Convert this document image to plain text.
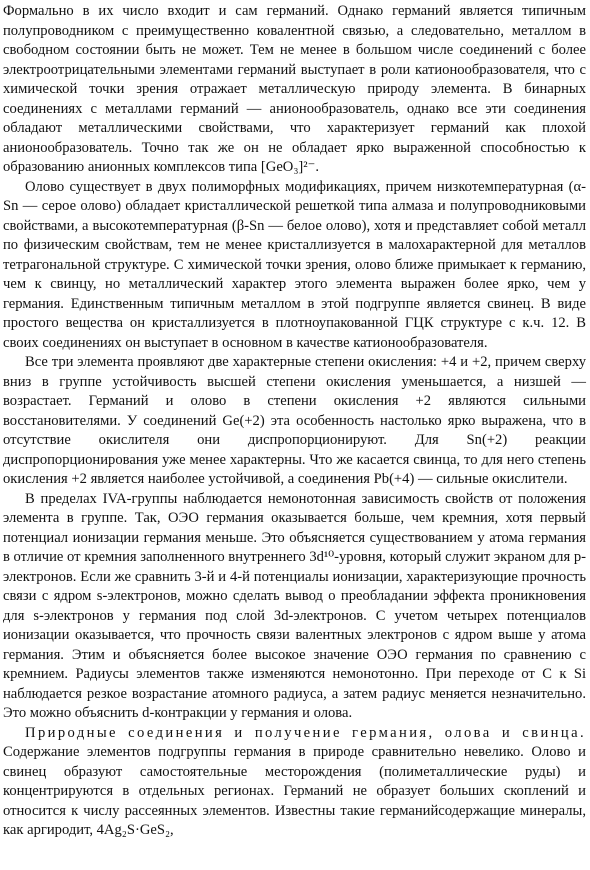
Формально в их число входит и сам германий. Однако германий является типичным полупроводником с преимущественно ковалентной связью, а следовательно, металлом в свободном состоянии быть не может. Тем не менее в большом числе соединений с более электроотрицательными элементами германий выступает в роли катионообразователя, что с химической точки зрения отражает металлическую природу элемента. В бинарных соединениях с металлами германий — анионообразователь, однако все эти соединения обладают металлическими свойствами, что характеризует германий как плохой анионообразователь. Точно так же он не обладает ярко выраженной способностью к образованию анионных комплексов типа [GeO₃]²⁻.

Олово существует в двух полиморфных модификациях, причем низкотемпературная (α-Sn — серое олово) обладает кристаллической решеткой типа алмаза и полупроводниковыми свойствами, а высокотемпературная (β-Sn — белое олово), хотя и представляет собой металл по физическим свойствам, тем не менее кристаллизуется в малохарактерной для металлов тетрагональной структуре. С химической точки зрения, олово ближе примыкает к германию, чем к свинцу, но металлический характер этого элемента выражен более ярко, чем у германия. Единственным типичным металлом в этой подгруппе является свинец. В виде простого вещества он кристаллизуется в плотноупакованной ГЦК структуре с к.ч. 12. В своих соединениях он выступает в основном в качестве катионообразователя.

Все три элемента проявляют две характерные степени окисления: +4 и +2, причем сверху вниз в группе устойчивость высшей степени окисления уменьшается, а низшей — возрастает. Германий и олово в степени окисления +2 являются сильными восстановителями. У соединений Ge(+2) эта особенность настолько ярко выражена, что в отсутствие окислителя они диспропорционируют. Для Sn(+2) реакции диспропорционирования уже менее характерны. Что же касается свинца, то для него степень окисления +2 является наиболее устойчивой, а соединения Pb(+4) — сильные окислители.

В пределах IVA-группы наблюдается немонотонная зависимость свойств от положения элемента в группе. Так, ОЭО германия оказывается больше, чем кремния, хотя первый потенциал ионизации германия меньше. Это объясняется существованием у атома германия в отличие от кремния заполненного внутреннего 3d¹⁰-уровня, который служит экраном для p-электронов. Если же сравнить 3-й и 4-й потенциалы ионизации, характеризующие прочность связи с ядром s-электронов, можно сделать вывод о преобладании эффекта проникновения для s-электронов у германия под слой 3d-электронов. С учетом четырех потенциалов ионизации оказывается, что прочность связи валентных электронов с ядром выше у атома германия. Этим и объясняется более высокое значение ОЭО германия по сравнению с кремнием. Радиусы элементов также изменяются немонотонно. При переходе от C к Si наблюдается резкое возрастание атомного радиуса, а затем радиус меняется незначительно. Это можно объяснить d-контракции у германия и олова.

Природные соединения и получение германия, олова и свинца. Содержание элементов подгруппы германия в природе сравнительно невелико. Олово и свинец образуют самостоятельные месторождения (полиметаллические руды) и концентрируются в отдельных регионах. Германий не образует больших скоплений и относится к числу рассеянных элементов. Известны такие германийсодержащие минералы, как аргиродит, 4Ag₂S·GeS₂,
